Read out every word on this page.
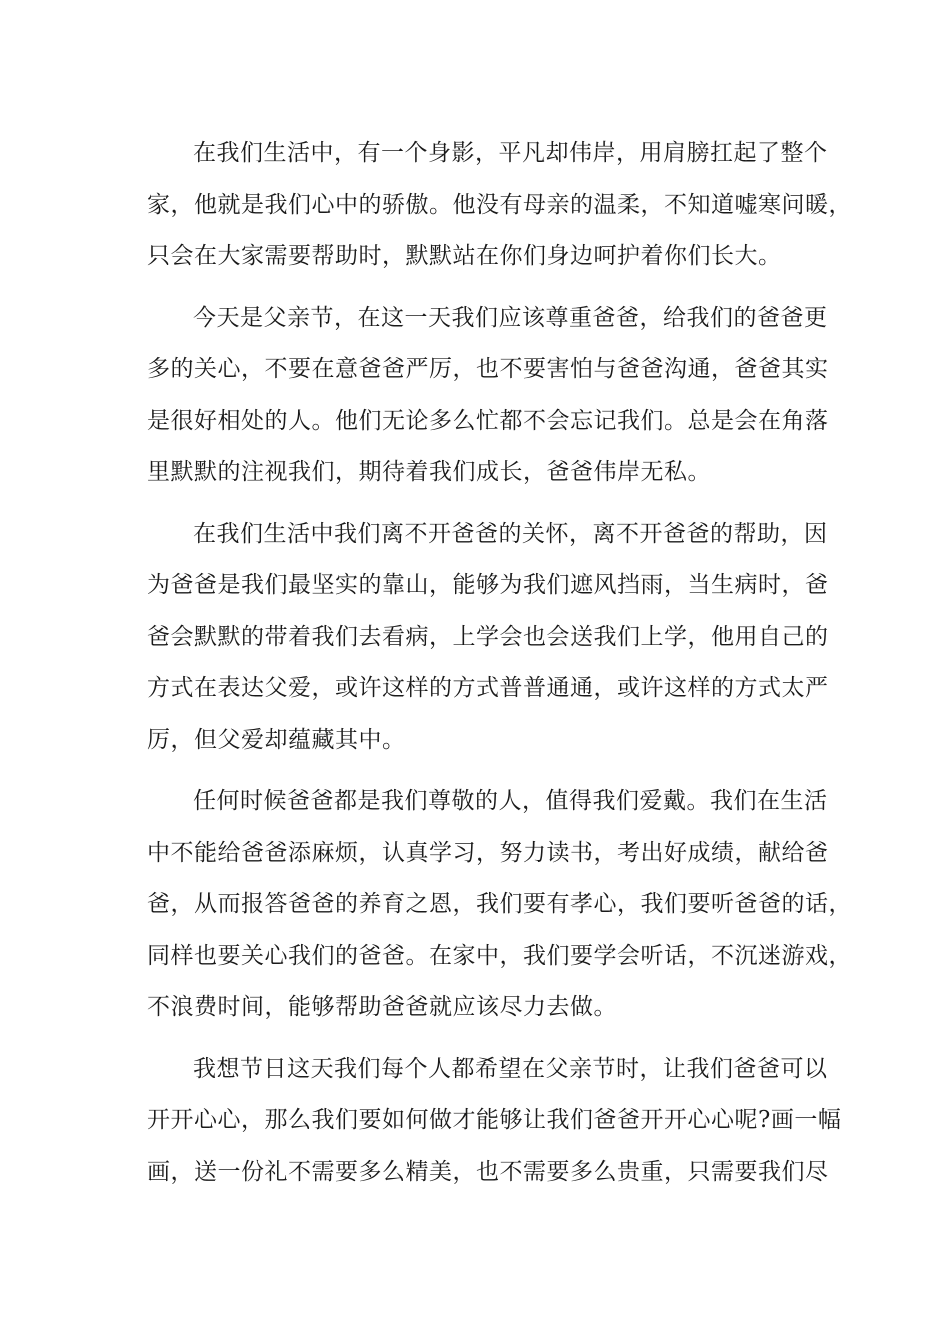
在我们生活中，有一个身影，平凡却伟岸，用肩膀扛起了整个
家，他就是我们心中的骄傲。他没有母亲的温柔，不知道嘘寒问暖，
只会在大家需要帮助时，默默站在你们身边呵护着你们长大。

今天是父亲节，在这一天我们应该尊重爸爸，给我们的爸爸更
多的关心，不要在意爸爸严厉，也不要害怕与爸爸沟通，爸爸其实
是很好相处的人。他们无论多么忙都不会忘记我们。总是会在角落
里默默的注视我们，期待着我们成长，爸爸伟岸无私。

在我们生活中我们离不开爸爸的关怀，离不开爸爸的帮助，因
为爸爸是我们最坚实的靠山，能够为我们遮风挡雨，当生病时，爸
爸会默默的带着我们去看病，上学会也会送我们上学，他用自己的
方式在表达父爱，或许这样的方式普普通通，或许这样的方式太严
厉，但父爱却蕴藏其中。

任何时候爸爸都是我们尊敬的人，值得我们爱戴。我们在生活
中不能给爸爸添麻烦，认真学习，努力读书，考出好成绩，献给爸
爸，从而报答爸爸的养育之恩，我们要有孝心，我们要听爸爸的话，
同样也要关心我们的爸爸。在家中，我们要学会听话，不沉迷游戏，
不浪费时间，能够帮助爸爸就应该尽力去做。

我想节日这天我们每个人都希望在父亲节时，让我们爸爸可以
开开心心，那么我们要如何做才能够让我们爸爸开开心心呢?画一幅
画，送一份礼不需要多么精美，也不需要多么贵重，只需要我们尽
